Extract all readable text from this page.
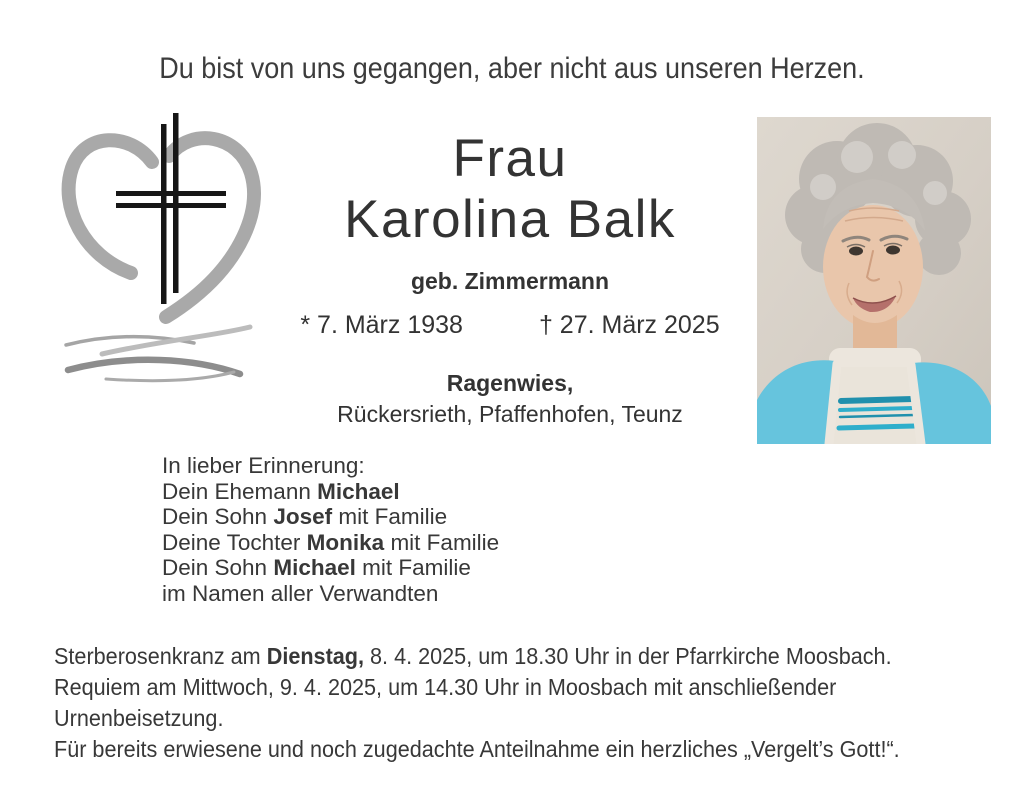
Du bist von uns gegangen, aber nicht aus unseren Herzen.
Frau
Karolina Balk
geb. Zimmermann
* 7. März 1938	† 27. März 2025
Ragenwies,
Rückersrieth, Pfaffenhofen, Teunz
In lieber Erinnerung:
Dein Ehemann Michael
Dein Sohn Josef mit Familie
Deine Tochter Monika mit Familie
Dein Sohn Michael mit Familie
im Namen aller Verwandten
Sterberosenkranz am Dienstag, 8. 4. 2025, um 18.30 Uhr in der Pfarrkirche Moosbach.
Requiem am Mittwoch, 9. 4. 2025, um 14.30 Uhr in Moosbach mit anschließender
Urnenbeisetzung.
Für bereits erwiesene und noch zugedachte Anteilnahme ein herzliches „Vergelt’s Gott!“.
